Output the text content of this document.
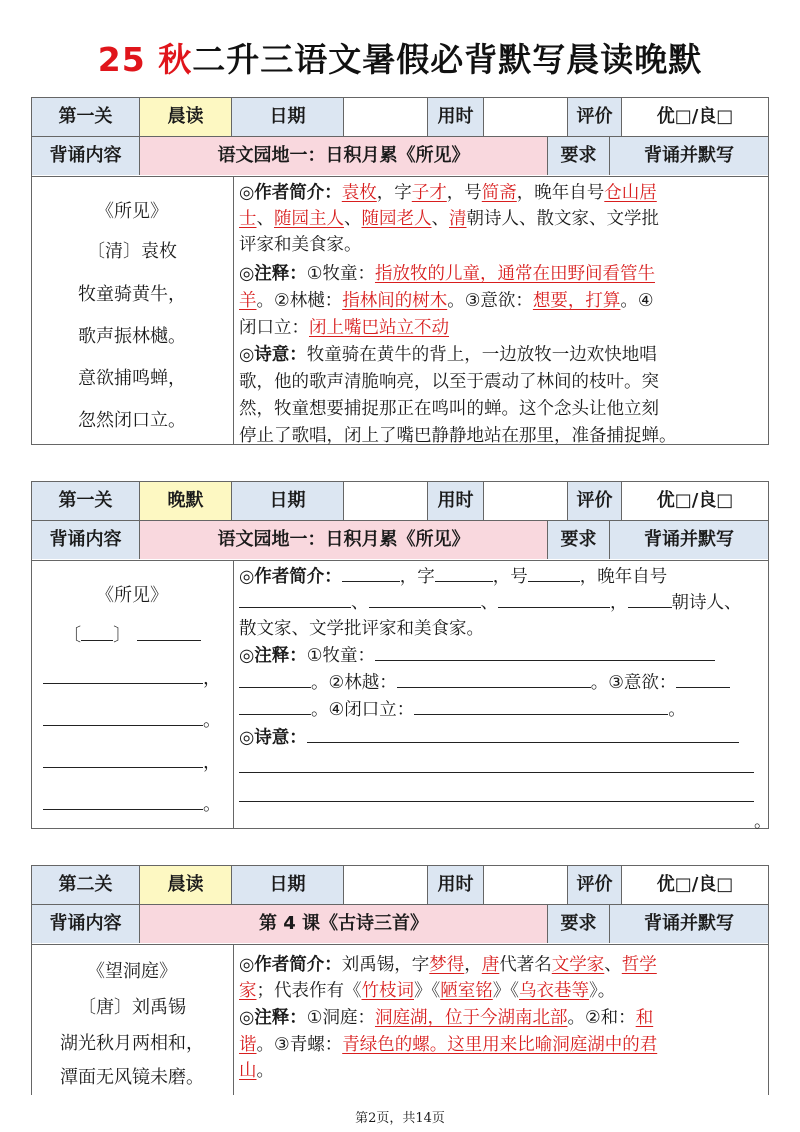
25 秋二升三语文暑假必背默写晨读晚默
第一关	晨读	日期	用时	评价	优□/良□
背诵内容	语文园地一：日积月累《所见》	要求	背诵并默写
《所见》
〔清〕袁枚
牧童骑黄牛，
歌声振林樾。
意欲捕鸣蝉，
忽然闭口立。
◎作者简介：袁枚，字子才，号简斋，晚年自号仓山居
士、随园主人、随园老人、清朝诗人、散文家、文学批
评家和美食家。
◎注释：①牧童：指放牧的儿童，通常在田野间看管牛
羊。②林樾：指林间的树木。③意欲：想要，打算。④
闭口立：闭上嘴巴站立不动
◎诗意：牧童骑在黄牛的背上，一边放牧一边欢快地唱
歌，他的歌声清脆响亮，以至于震动了林间的枝叶。突
然，牧童想要捕捉那正在鸣叫的蝉。这个念头让他立刻
停止了歌唱，闭上了嘴巴静静地站在那里，准备捕捉蝉。
第一关	晚默	日期	用时	评价	优□/良□
背诵内容	语文园地一：日积月累《所见》	要求	背诵并默写
《所见》
〔 〕
，
。
，
。
◎作者简介：	，字	，号	，晚年自号
、	、	，	朝诗人、
散文家、文学批评家和美食家。
◎注释：①牧童：
。②林越：	。③意欲：
。④闭口立：	。
◎诗意：
。
第二关	晨读	日期	用时	评价	优□/良□
背诵内容	第 4 课《古诗三首》	要求	背诵并默写
《望洞庭》
〔唐〕刘禹锡
湖光秋月两相和，
潭面无风镜未磨。
◎作者简介：刘禹锡，字梦得，唐代著名文学家、哲学
家；代表作有《竹枝词》《陋室铭》《乌衣巷等》。
◎注释：①洞庭：洞庭湖，位于今湖南北部。②和：和
谐。③青螺：青绿色的螺。这里用来比喻洞庭湖中的君
山。
第2页，共14页
